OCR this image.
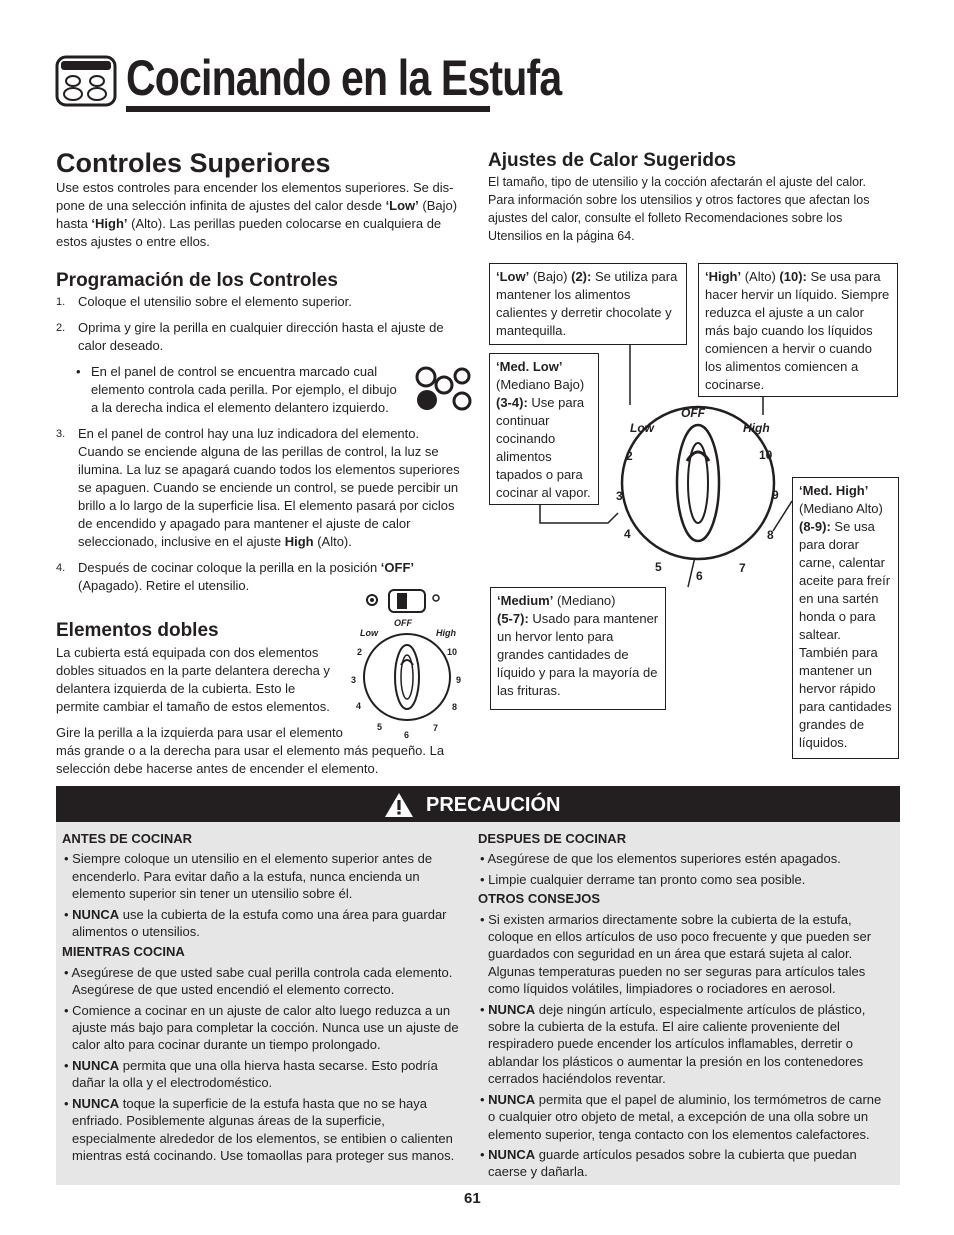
Cocinando en la Estufa
Controles Superiores
Use estos controles para encender los elementos superiores. Se dis-
pone de una selección infinita de ajustes del calor desde ‘Low’ (Bajo)
hasta ‘High’ (Alto). Las perillas pueden colocarse en cualquiera de
estos ajustes o entre ellos.
Programación de los Controles
1. Coloque el utensilio sobre el elemento superior.
2. Oprima y gire la perilla en cualquier dirección hasta el ajuste de
calor deseado.
• En el panel de control se encuentra marcado cual
elemento controla cada perilla. Por ejemplo, el dibujo
a la derecha indica el elemento delantero izquierdo.
3. En el panel de control hay una luz indicadora del elemento.
Cuando se enciende alguna de las perillas de control, la luz se
ilumina. La luz se apagará cuando todos los elementos superiores
se apaguen. Cuando se enciende un control, se puede percibir un
brillo a lo largo de la superficie lisa. El elemento pasará por ciclos
de encendido y apagado para mantener el ajuste de calor
seleccionado, inclusive en el ajuste High (Alto).
4. Después de cocinar coloque la perilla en la posición ‘OFF’
(Apagado). Retire el utensilio.
Elementos dobles
La cubierta está equipada con dos elementos
dobles situados en la parte delantera derecha y
delantera izquierda de la cubierta. Esto le
permite cambiar el tamaño de estos elementos.
Gire la perilla a la izquierda para usar el elemento
más grande o a la derecha para usar el elemento más pequeño. La
selección debe hacerse antes de encender el elemento.
OFF
Low	High
2
3
4
5
6
7
8
9
10
Ajustes de Calor Sugeridos
El tamaño, tipo de utensilio y la cocción afectarán el ajuste del calor.
Para información sobre los utensilios y otros factores que afectan los
ajustes del calor, consulte el folleto Recomendaciones sobre los
Utensilios en la página 64.
OFF
Low	High
2
3
4
5
6
7
8
9
10
‘Low’ (Bajo) (2): Se utiliza para mantener los alimentos calientes y derretir chocolate y mantequilla.
‘High’ (Alto) (10): Se usa para hacer hervir un líquido. Siempre reduzca el ajuste a un calor más bajo cuando los líquidos comiencen a hervir o cuando los alimentos comiencen a cocinarse.
‘Med. Low’
(Mediano Bajo)
(3-4): Use para continuar cocinando alimentos tapados o para cocinar al vapor.	‘Med. High’
(Mediano Alto)
(8-9): Se usa para dorar carne, calentar aceite para freír en una sartén honda o para saltear. También para mantener un hervor rápido para cantidades grandes de líquidos.
‘Medium’ (Mediano)
(5-7): Usado para mantener un hervor lento para grandes cantidades de líquido y para la mayoría de las frituras.
PRECAUCIÓN
ANTES DE COCINAR

• Siempre coloque un utensilio en el elemento superior antes de encenderlo. Para evitar daño a la estufa, nunca encienda un elemento superior sin tener un utensilio sobre él.

• NUNCA use la cubierta de la estufa como una área para guardar alimentos o utensilios.

MIENTRAS COCINA

• Asegúrese de que usted sabe cual perilla controla cada elemento. Asegúrese de que usted encendió el elemento correcto.

• Comience a cocinar en un ajuste de calor alto luego reduzca a un ajuste más bajo para completar la cocción. Nunca use un ajuste de calor alto para cocinar durante un tiempo prolongado.

• NUNCA permita que una olla hierva hasta secarse. Esto podría dañar la olla y el electrodoméstico.

• NUNCA toque la superficie de la estufa hasta que no se haya enfriado. Posiblemente algunas áreas de la superficie, especialmente alrededor de los elementos, se entibien o calienten mientras está cocinando. Use tomaollas para proteger sus manos.

DESPUES DE COCINAR

• Asegúrese de que los elementos superiores estén apagados.

• Limpie cualquier derrame tan pronto como sea posible.

OTROS CONSEJOS

• Si existen armarios directamente sobre la cubierta de la estufa, coloque en ellos artículos de uso poco frecuente y que pueden ser guardados con seguridad en un área que estará sujeta al calor. Algunas temperaturas pueden no ser seguras para artículos tales como líquidos volátiles, limpiadores o rociadores en aerosol.

• NUNCA deje ningún artículo, especialmente artículos de plástico, sobre la cubierta de la estufa. El aire caliente proveniente del respiradero puede encender los artículos inflamables, derretir o ablandar los plásticos o aumentar la presión en los contenedores cerrados haciéndolos reventar.

• NUNCA permita que el papel de aluminio, los termómetros de carne o cualquier otro objeto de metal, a excepción de una olla sobre un elemento superior, tenga contacto con los elementos calefactores.

• NUNCA guarde artículos pesados sobre la cubierta que puedan caerse y dañarla.

61
